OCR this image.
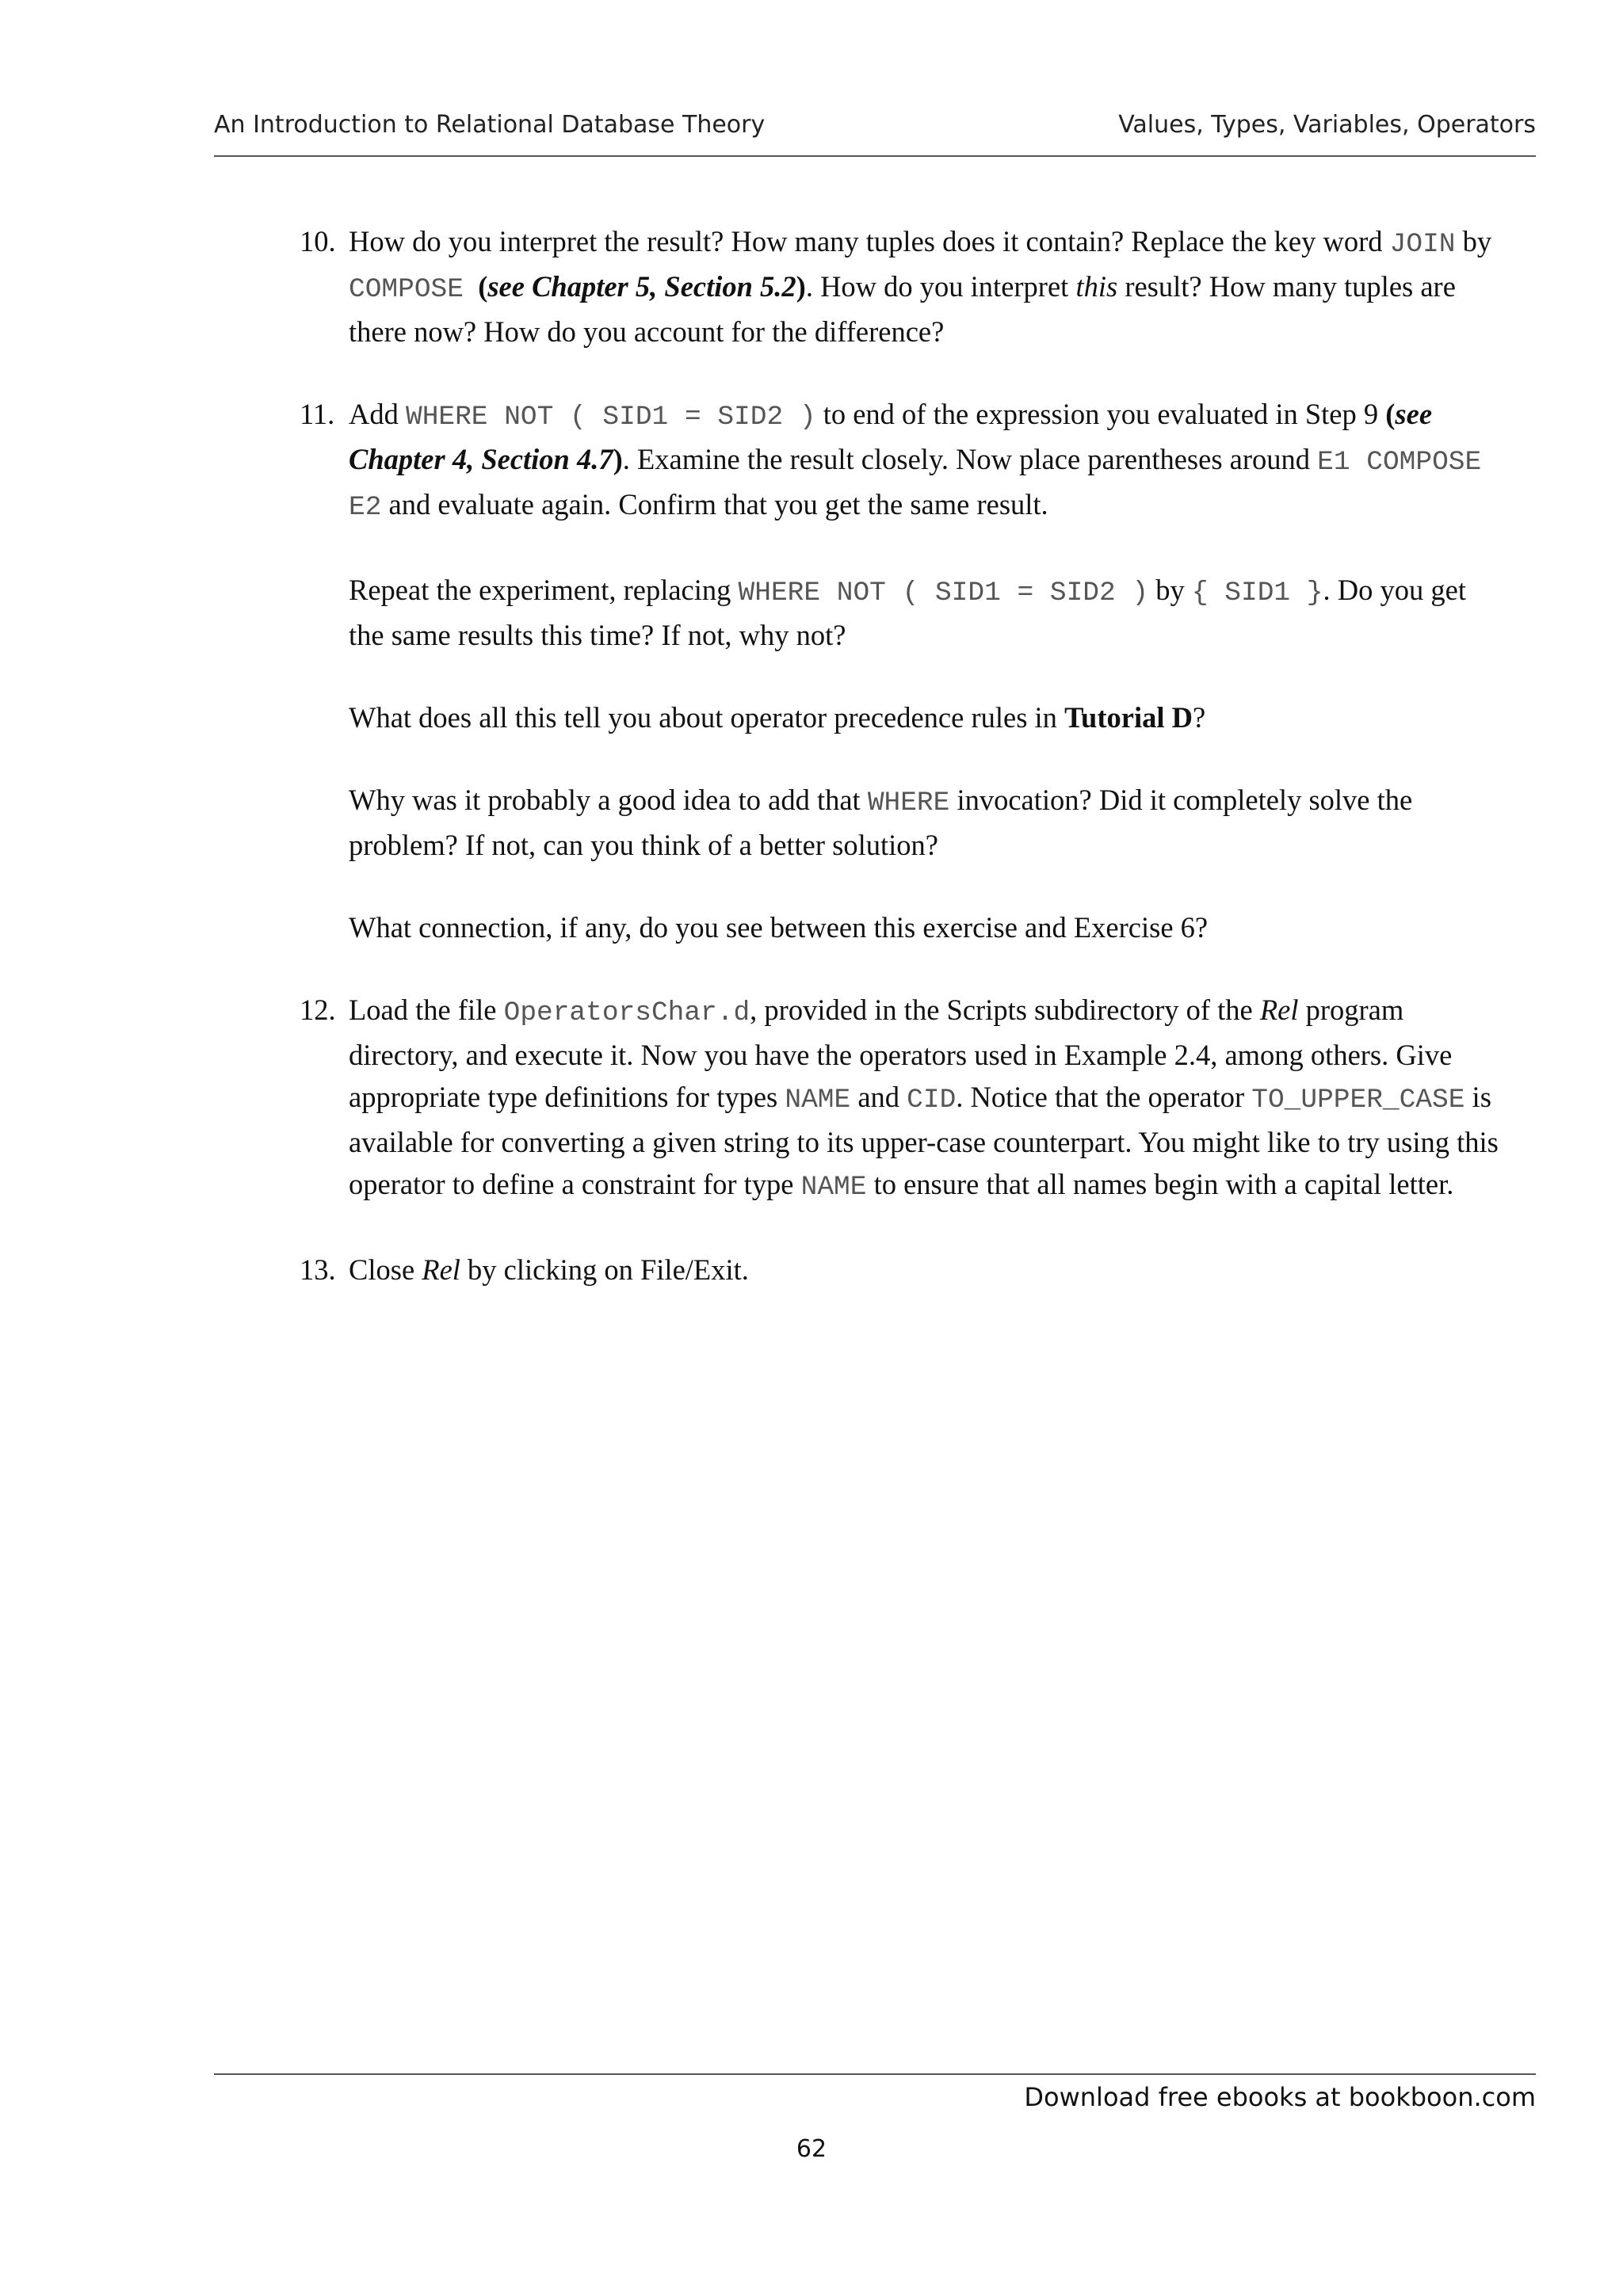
An Introduction to Relational Database Theory	Values, Types, Variables, Operators
10. How do you interpret the result? How many tuples does it contain? Replace the key word JOIN by COMPOSE (see Chapter 5, Section 5.2). How do you interpret this result? How many tuples are there now? How do you account for the difference?

11. Add WHERE NOT ( SID1 = SID2 ) to end of the expression you evaluated in Step 9 (see Chapter 4, Section 4.7). Examine the result closely. Now place parentheses around E1 COMPOSE E2 and evaluate again. Confirm that you get the same result.

Repeat the experiment, replacing WHERE NOT ( SID1 = SID2 ) by { SID1 }. Do you get the same results this time? If not, why not?

What does all this tell you about operator precedence rules in Tutorial D?

Why was it probably a good idea to add that WHERE invocation? Did it completely solve the problem? If not, can you think of a better solution?

What connection, if any, do you see between this exercise and Exercise 6?

12. Load the file OperatorsChar.d, provided in the Scripts subdirectory of the Rel program directory, and execute it. Now you have the operators used in Example 2.4, among others. Give appropriate type definitions for types NAME and CID. Notice that the operator TO_UPPER_CASE is available for converting a given string to its upper-case counterpart. You might like to try using this operator to define a constraint for type NAME to ensure that all names begin with a capital letter.

13. Close Rel by clicking on File/Exit.

Download free ebooks at bookboon.com
62
